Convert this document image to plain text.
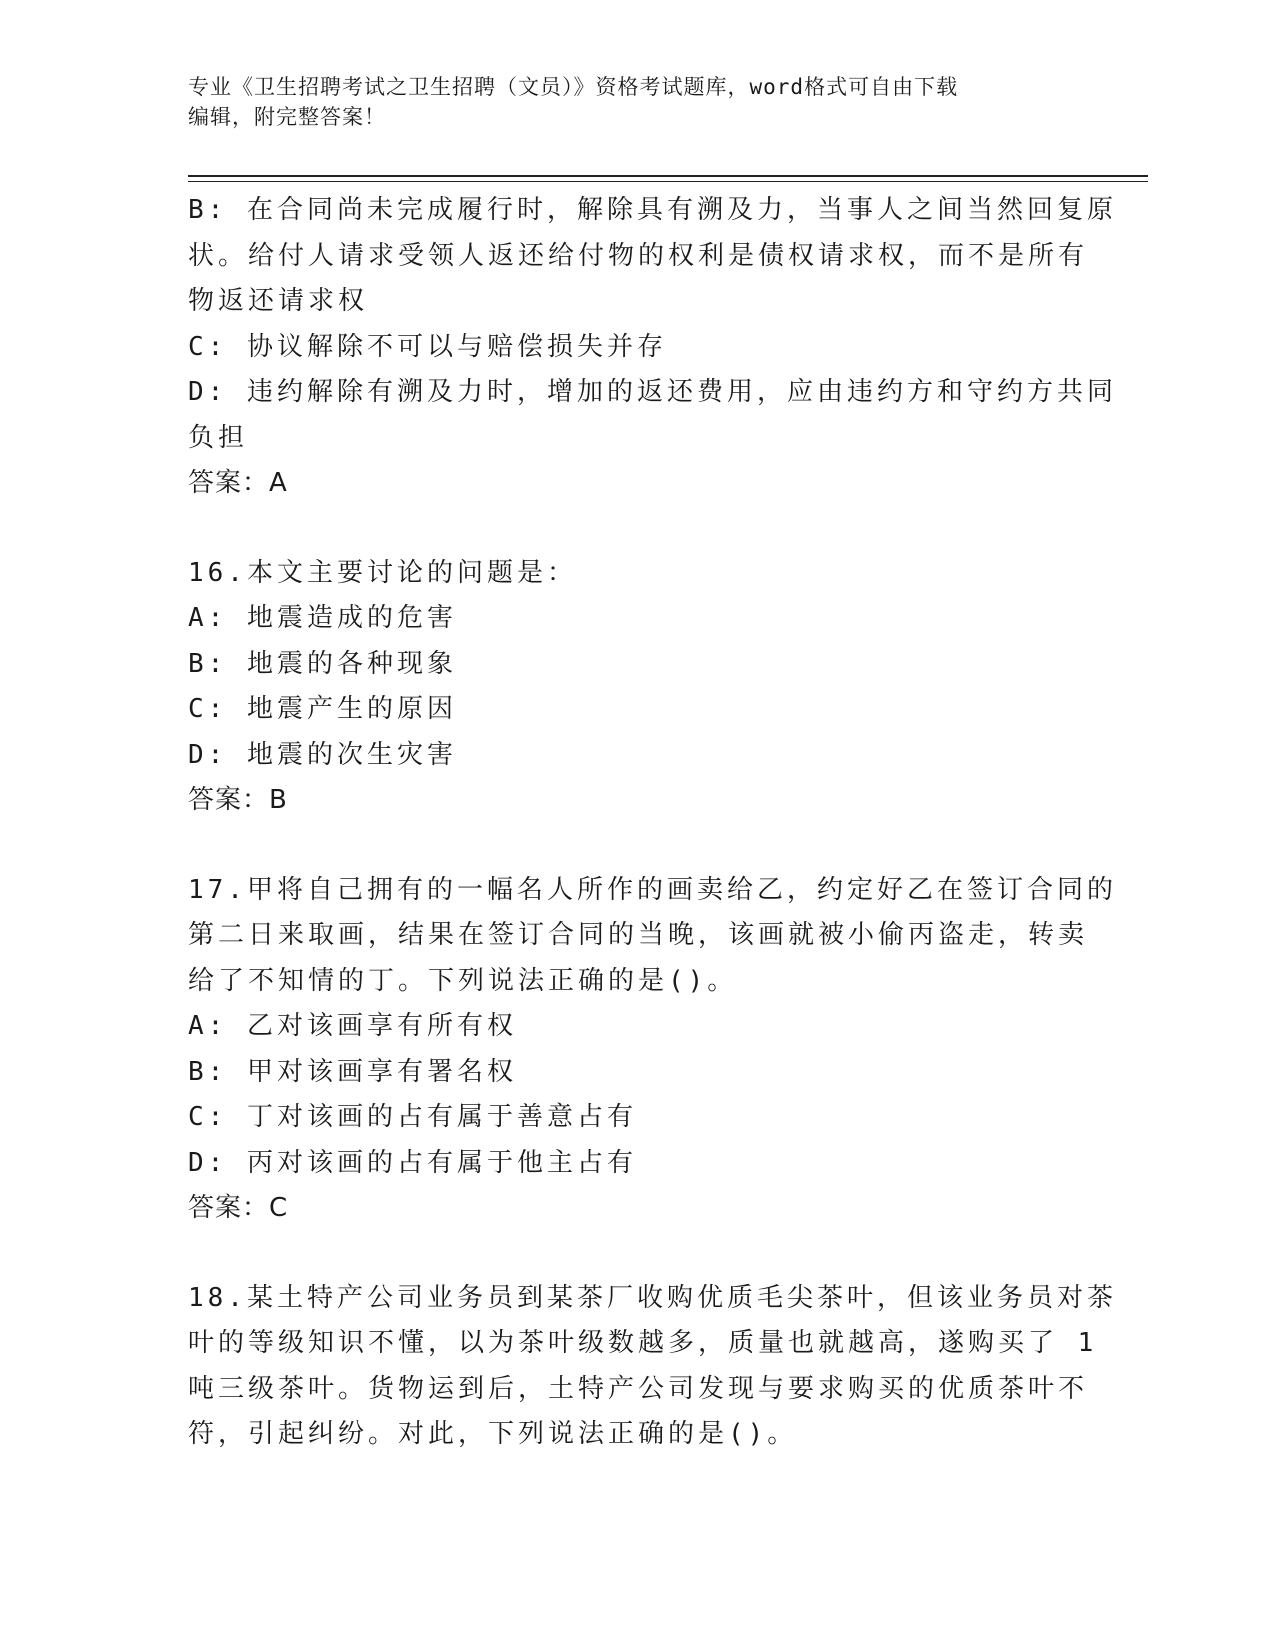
专业《卫生招聘考试之卫生招聘（文员）》资格考试题库，word格式可自由下载
编辑，附完整答案！
B: 在合同尚未完成履行时，解除具有溯及力，当事人之间当然回复原
状。给付人请求受领人返还给付物的权利是债权请求权，而不是所有
物返还请求权
C: 协议解除不可以与赔偿损失并存
D: 违约解除有溯及力时，增加的返还费用，应由违约方和守约方共同
负担
答案：A
16.本文主要讨论的问题是：
A: 地震造成的危害
B: 地震的各种现象
C: 地震产生的原因
D: 地震的次生灾害
答案：B
17.甲将自己拥有的一幅名人所作的画卖给乙，约定好乙在签订合同的
第二日来取画，结果在签订合同的当晚，该画就被小偷丙盗走，转卖
给了不知情的丁。下列说法正确的是()。
A: 乙对该画享有所有权
B: 甲对该画享有署名权
C: 丁对该画的占有属于善意占有
D: 丙对该画的占有属于他主占有
答案：C
18.某土特产公司业务员到某茶厂收购优质毛尖茶叶，但该业务员对茶
叶的等级知识不懂，以为茶叶级数越多，质量也就越高，遂购买了 1
吨三级茶叶。货物运到后，土特产公司发现与要求购买的优质茶叶不
符，引起纠纷。对此，下列说法正确的是()。
